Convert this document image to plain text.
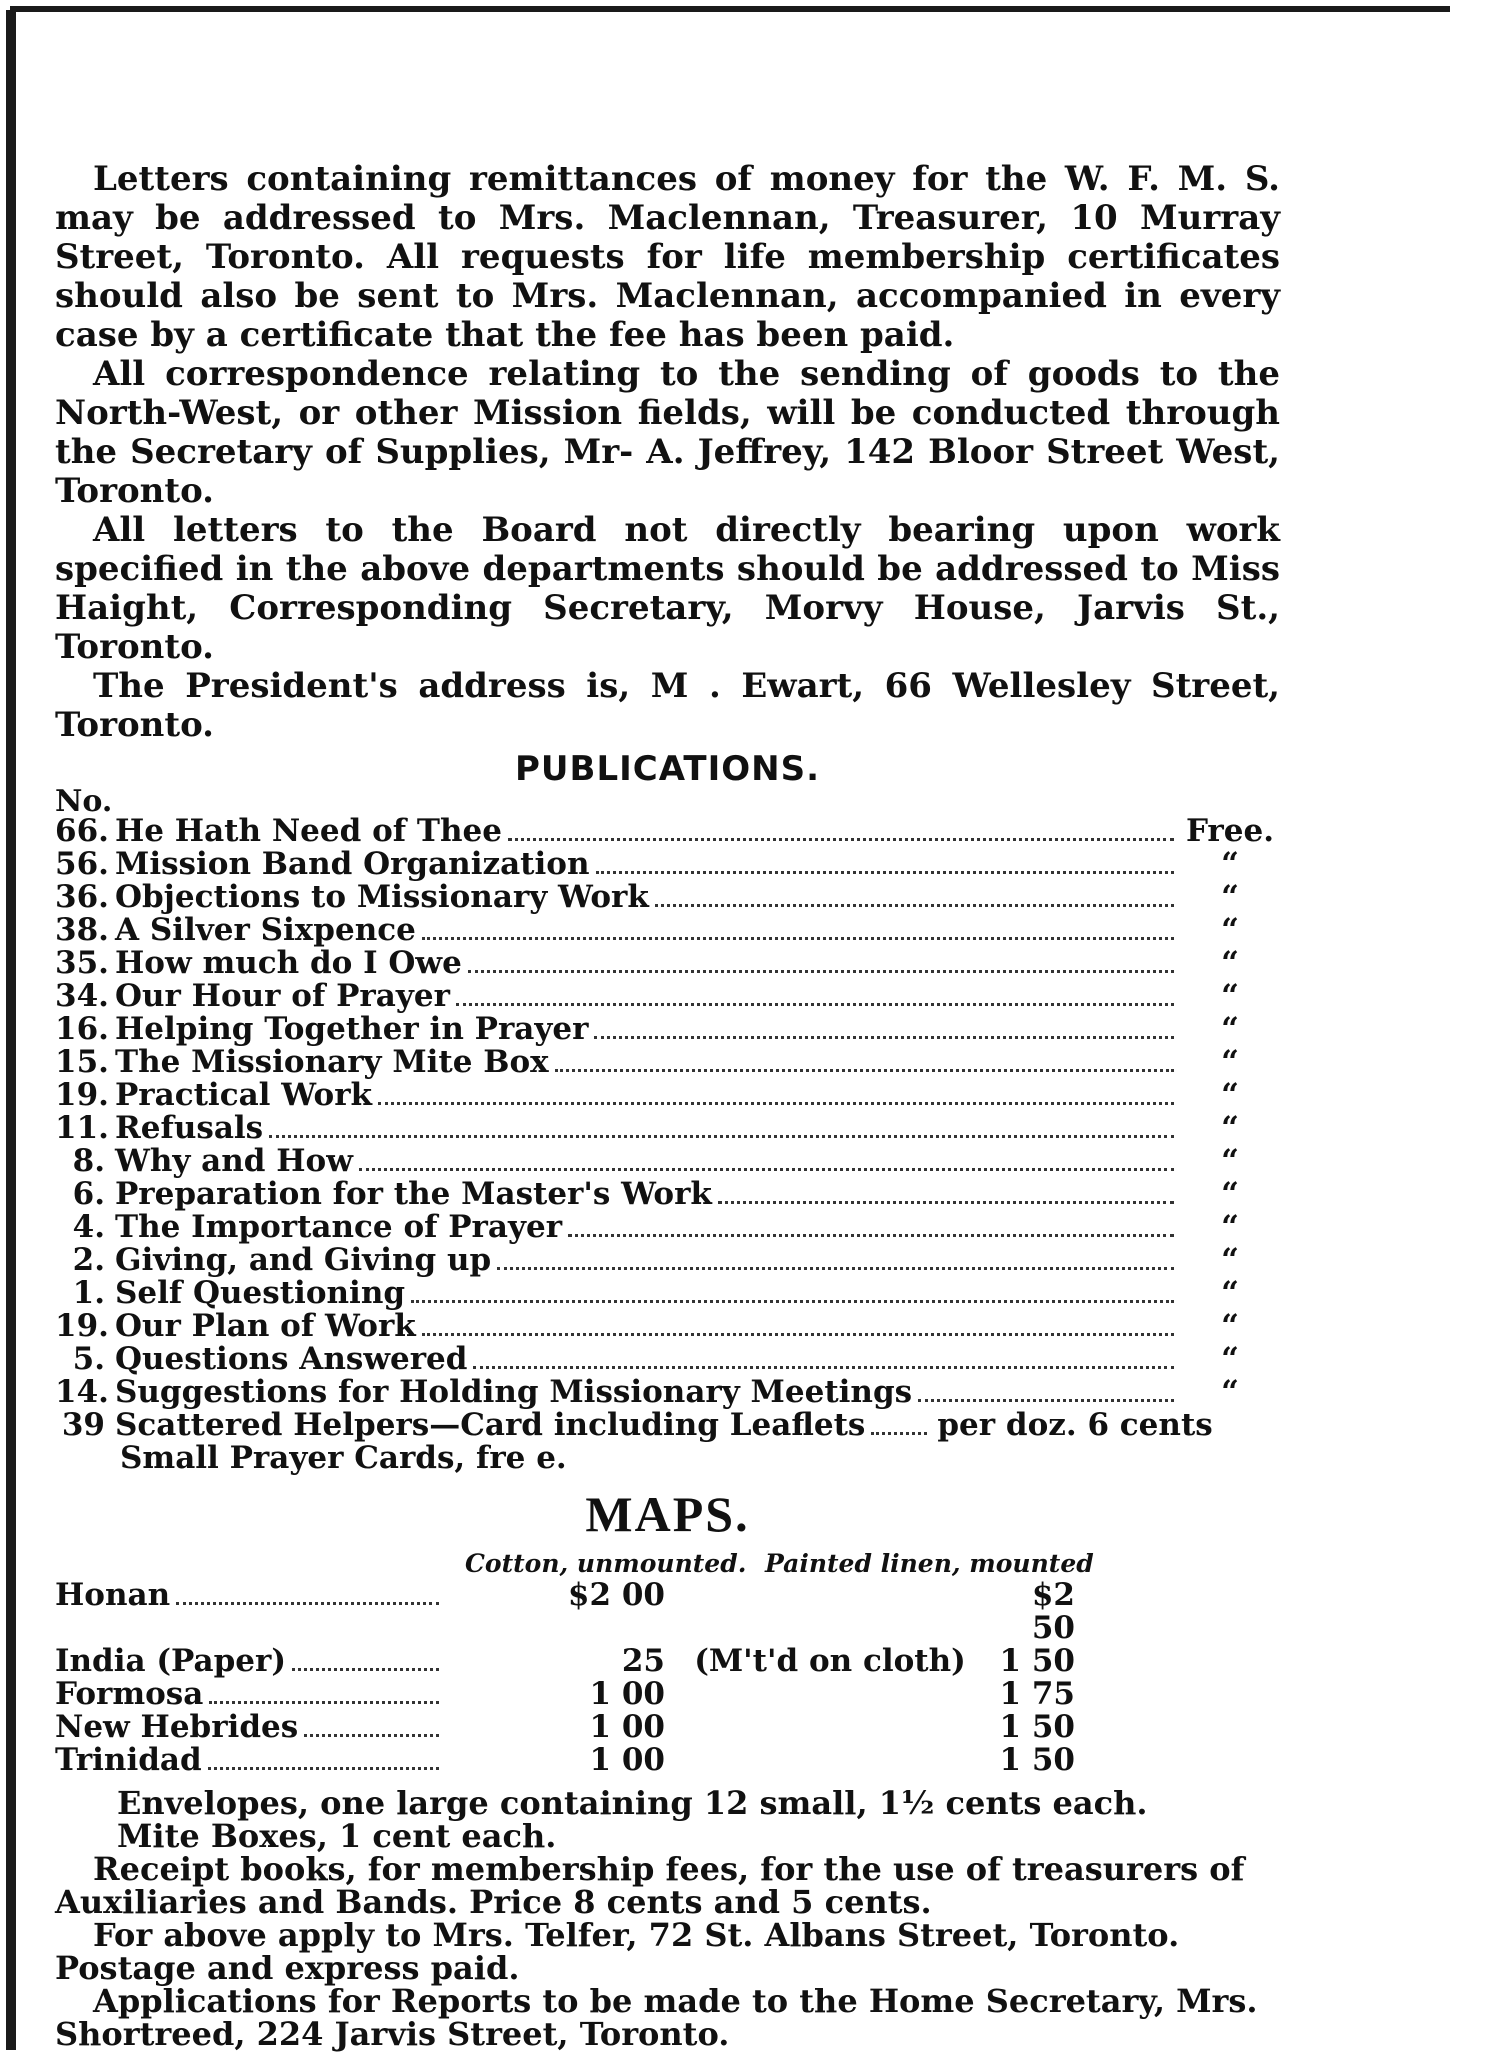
Letters containing remittances of money for the W. F. M. S. may be addressed to Mrs. Maclennan, Treasurer, 10 Murray Street, Toronto. All requests for life membership certificates should also be sent to Mrs. Maclennan, accompanied in every case by a certificate that the fee has been paid.

All correspondence relating to the sending of goods to the North-West, or other Mission fields, will be conducted through the Secretary of Supplies, Mr- A. Jeffrey, 142 Bloor Street West, Toronto.

All letters to the Board not directly bearing upon work specified in the above departments should be addressed to Miss Haight, Corresponding Secretary, Morvy House, Jarvis St., Toronto.

The President's address is, M . Ewart, 66 Wellesley Street, Toronto.

PUBLICATIONS.
No.
66. He Hath Need of Thee	Free.
56. Mission Band Organization	“
36. Objections to Missionary Work	“
38. A Silver Sixpence	“
35. How much do I Owe	“
34. Our Hour of Prayer	“
16. Helping Together in Prayer	“
15. The Missionary Mite Box	“
19. Practical Work	“
11. Refusals	“
8. Why and How	“
6. Preparation for the Master's Work	“
4. The Importance of Prayer	“
2. Giving, and Giving up	“
1. Self Questioning	“
19. Our Plan of Work	“
5. Questions Answered	“
14. Suggestions for Holding Missionary Meetings	“
39 Scattered Helpers—Card including Leaflets per doz. 6 cents
Small Prayer Cards, fre e.
MAPS.
Cotton, unmounted. Painted linen, mounted
Honan	$2 00	$2 50
India (Paper)	25 (M't'd on cloth)	1 50
Formosa	1 00	1 75
New Hebrides	1 00	1 50
Trinidad	1 00	1 50

Envelopes, one large containing 12 small, 1½ cents each.

Mite Boxes, 1 cent each.

Receipt books, for membership fees, for the use of treasurers of Auxiliaries and Bands. Price 8 cents and 5 cents.

For above apply to Mrs. Telfer, 72 St. Albans Street, Toronto. Postage and express paid.

Applications for Reports to be made to the Home Secretary, Mrs. Shortreed, 224 Jarvis Street, Toronto.
